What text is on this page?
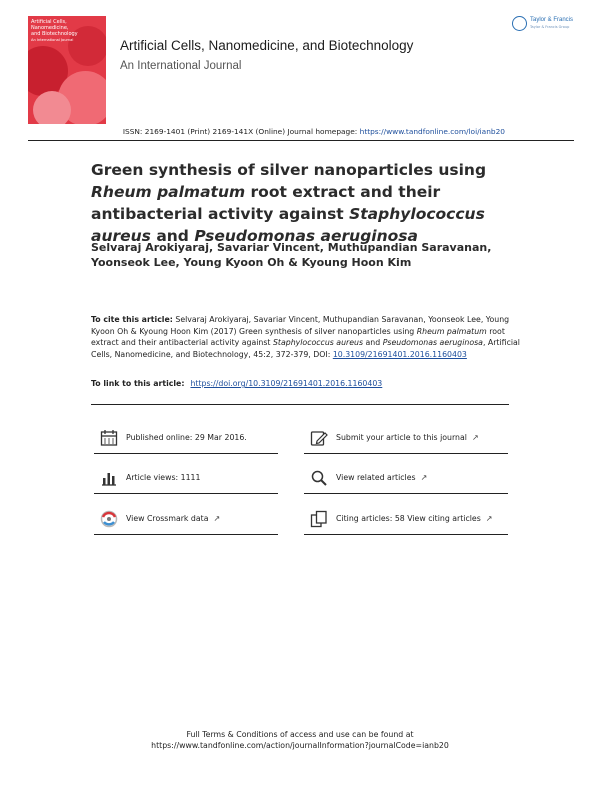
Artificial Cells,
Nanomedicine,
and Biotechnology
An International Journal	Artificial Cells, Nanomedicine, and Biotechnology
An International Journal
Taylor & Francis
Taylor & Francis Group
ISSN: 2169-1401 (Print) 2169-141X (Online) Journal homepage: https://www.tandfonline.com/loi/ianb20
Green synthesis of silver nanoparticles using Rheum palmatum root extract and their antibacterial activity against Staphylococcus aureus and Pseudomonas aeruginosa

Selvaraj Arokiyaraj, Savariar Vincent, Muthupandian Saravanan, Yoonseok Lee, Young Kyoon Oh & Kyoung Hoon Kim

To cite this article: Selvaraj Arokiyaraj, Savariar Vincent, Muthupandian Saravanan, Yoonseok Lee, Young Kyoon Oh & Kyoung Hoon Kim (2017) Green synthesis of silver nanoparticles using Rheum palmatum root extract and their antibacterial activity against Staphylococcus aureus and Pseudomonas aeruginosa, Artificial Cells, Nanomedicine, and Biotechnology, 45:2, 372-379, DOI: 10.3109/21691401.2016.1160403

To link to this article: https://doi.org/10.3109/21691401.2016.1160403
Published online: 29 Mar 2016.	Submit your article to this journal ↗
Article views: 1111	View related articles ↗
View Crossmark data ↗	Citing articles: 58 View citing articles ↗
Full Terms & Conditions of access and use can be found at
https://www.tandfonline.com/action/journalInformation?journalCode=ianb20
